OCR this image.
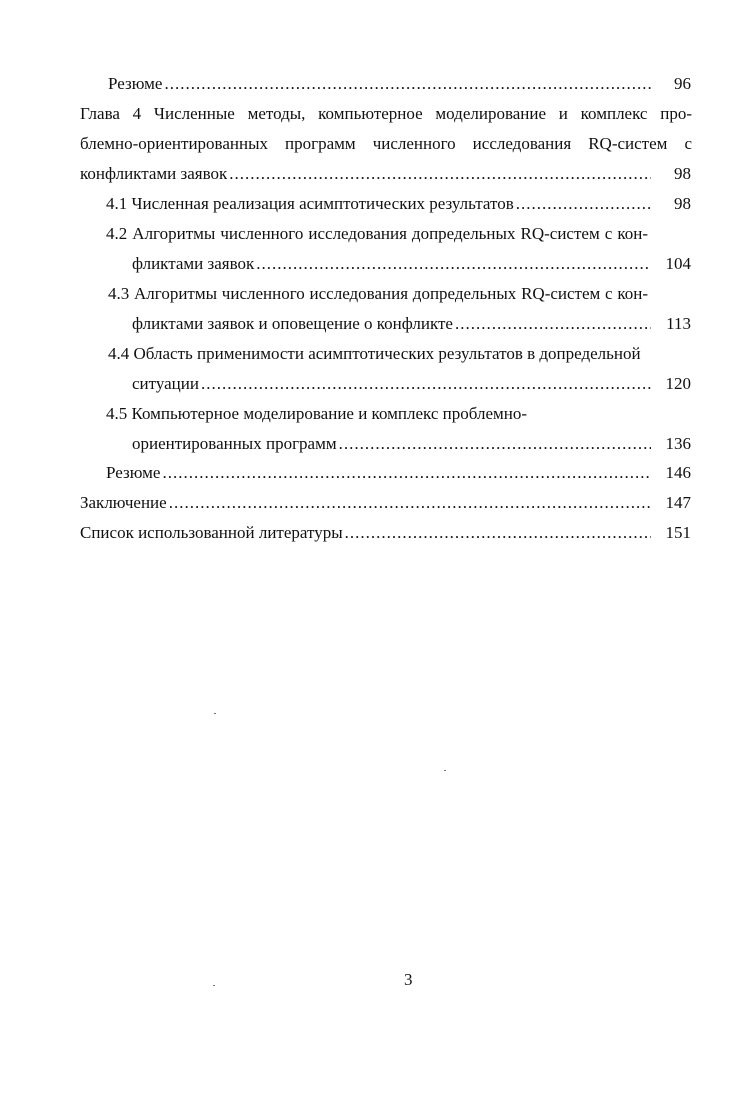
Резюме .....	96
Глава 4 Численные методы, компьютерное моделирование и комплекс про-
блемно-ориентированных программ численного исследования RQ-систем с
конфликтами заявок .....	98
4.1 Численная реализация асимптотических результатов .....	98
4.2 Алгоритмы численного исследования допредельных RQ-систем с кон-
фликтами заявок .....	104
4.3 Алгоритмы численного исследования допредельных RQ-систем с кон-
фликтами заявок и оповещение о конфликте .....	113
4.4 Область применимости асимптотических результатов в допредельной
ситуации .....	120
4.5 Компьютерное моделирование и комплекс проблемно-
ориентированных программ .....	136
Резюме .....	146
Заключение .....	147
Список использованной литературы .....	151
3
